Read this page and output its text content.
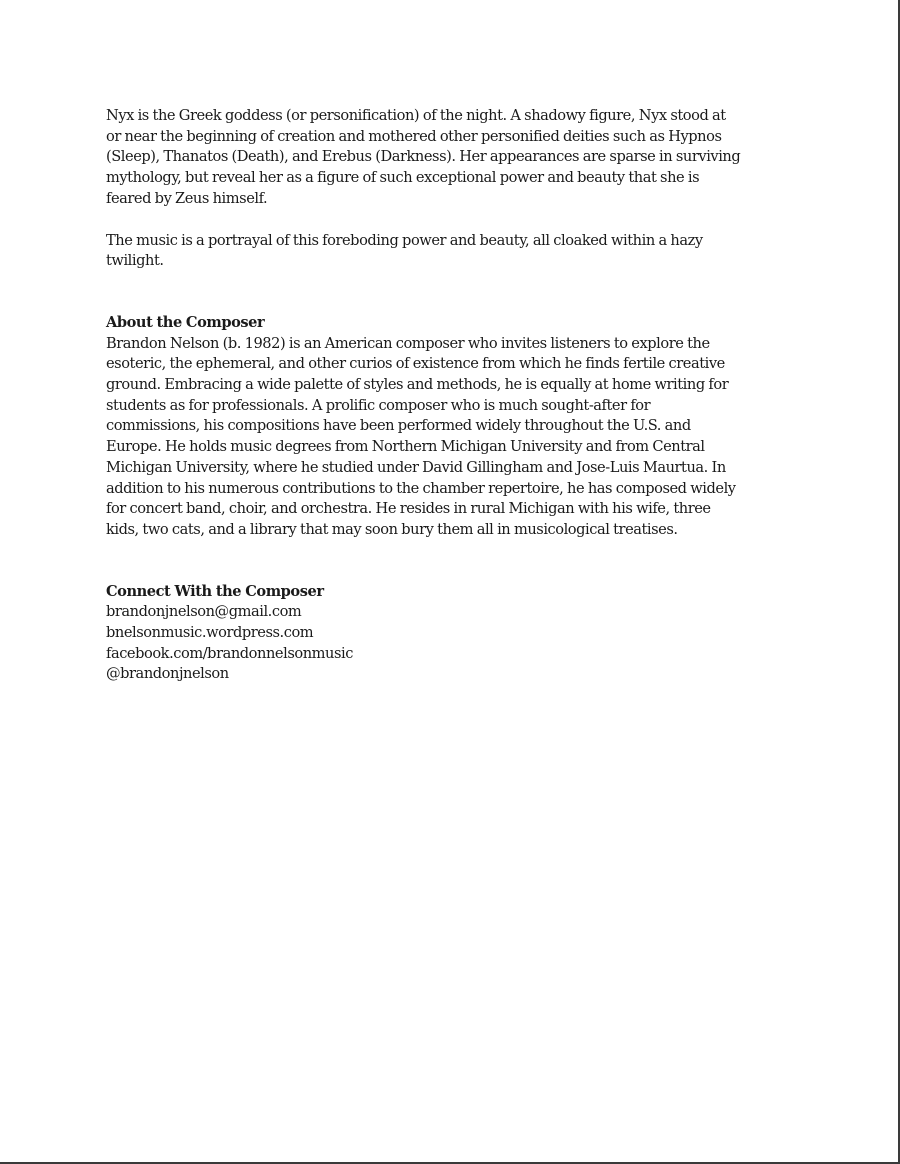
Nyx is the Greek goddess (or personification) of the night. A shadowy figure, Nyx stood at
or near the beginning of creation and mothered other personified deities such as Hypnos
(Sleep), Thanatos (Death), and Erebus (Darkness). Her appearances are sparse in surviving
mythology, but reveal her as a figure of such exceptional power and beauty that she is
feared by Zeus himself.

The music is a portrayal of this foreboding power and beauty, all cloaked within a hazy
twilight.

About the Composer

Brandon Nelson (b. 1982) is an American composer who invites listeners to explore the
esoteric, the ephemeral, and other curios of existence from which he finds fertile creative
ground. Embracing a wide palette of styles and methods, he is equally at home writing for
students as for professionals. A prolific composer who is much sought-after for
commissions, his compositions have been performed widely throughout the U.S. and
Europe. He holds music degrees from Northern Michigan University and from Central
Michigan University, where he studied under David Gillingham and Jose-Luis Maurtua. In
addition to his numerous contributions to the chamber repertoire, he has composed widely
for concert band, choir, and orchestra. He resides in rural Michigan with his wife, three
kids, two cats, and a library that may soon bury them all in musicological treatises.

Connect With the Composer

brandonjnelson@gmail.com
bnelsonmusic.wordpress.com
facebook.com/brandonnelsonmusic
@brandonjnelson
